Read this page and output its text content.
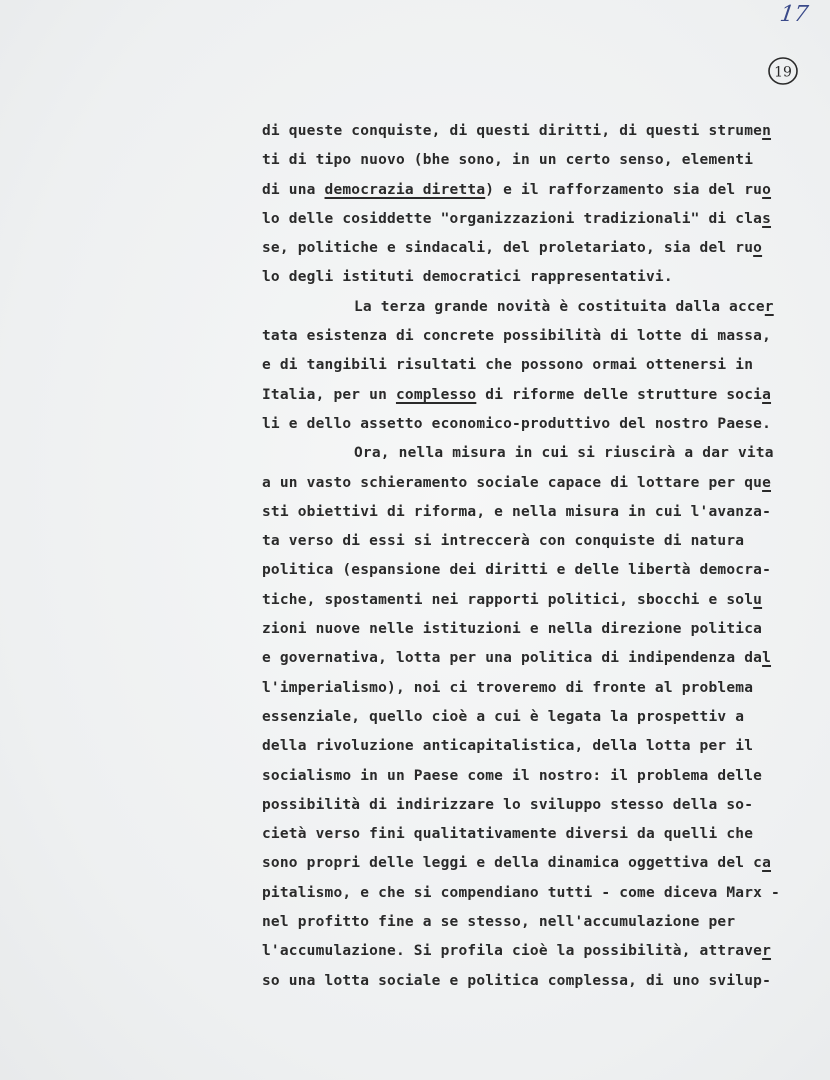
17
19
di queste conquiste, di questi diritti, di questi strumen
ti di tipo nuovo (bhe sono, in un certo senso, elementi
di una democrazia diretta) e il rafforzamento sia del ruo
lo delle cosiddette "organizzazioni tradizionali" di clas
se, politiche e sindacali, del proletariato, sia del ruo
lo degli istituti democratici rappresentativi.
La terza grande novità è costituita dalla accer
tata esistenza di concrete possibilità di lotte di massa,
e di tangibili risultati che possono ormai ottenersi in
Italia, per un complesso di riforme delle strutture socia
li e dello assetto economico-produttivo del nostro Paese.
Ora, nella misura in cui si riuscirà a dar vita
a un vasto schieramento sociale capace di lottare per que
sti obiettivi di riforma, e nella misura in cui l'avanza-
ta verso di essi si intreccerà con conquiste di natura
politica (espansione dei diritti e delle libertà democra-
tiche, spostamenti nei rapporti politici, sbocchi e solu
zioni nuove nelle istituzioni e nella direzione politica
e governativa, lotta per una politica di indipendenza dal
l'imperialismo), noi ci troveremo di fronte al problema
essenziale, quello cioè a cui è legata la prospettiv a
della rivoluzione anticapitalistica, della lotta per il
socialismo in un Paese come il nostro: il problema delle
possibilità di indirizzare lo sviluppo stesso della so-
cietà verso fini qualitativamente diversi da quelli che
sono propri delle leggi e della dinamica oggettiva del ca
pitalismo, e che si compendiano tutti - come diceva Marx -
nel profitto fine a se stesso, nell'accumulazione per
l'accumulazione. Si profila cioè la possibilità, attraver
so una lotta sociale e politica complessa, di uno svilup-
